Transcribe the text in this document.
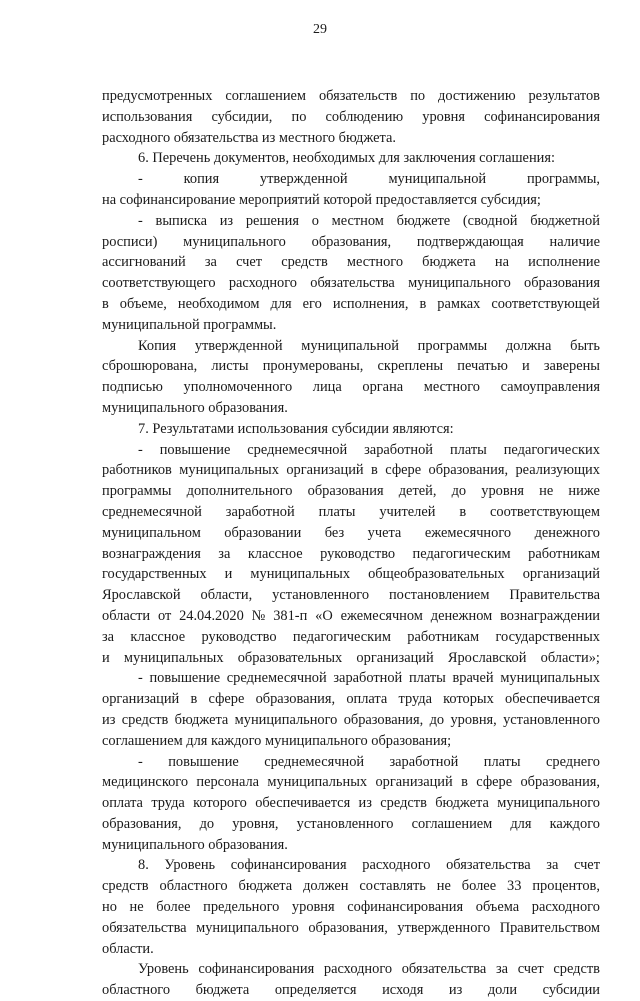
29
предусмотренных соглашением обязательств по достижению результатов
использования субсидии, по соблюдению уровня софинансирования
расходного обязательства из местного бюджета.
6. Перечень документов, необходимых для заключения соглашения:
-	копия	утвержденной	муниципальной	программы,
на софинансирование мероприятий которой предоставляется субсидия;
- выписка из решения о местном бюджете (сводной бюджетной
росписи) муниципального образования, подтверждающая наличие
ассигнований за счет средств местного бюджета на исполнение
соответствующего расходного обязательства муниципального образования
в объеме, необходимом для его исполнения, в рамках соответствующей
муниципальной программы.
Копия утвержденной муниципальной программы должна быть
сброшюрована, листы пронумерованы, скреплены печатью и заверены
подписью уполномоченного лица органа местного самоуправления
муниципального образования.
7. Результатами использования субсидии являются:
- повышение среднемесячной заработной платы педагогических
работников муниципальных организаций в сфере образования, реализующих
программы дополнительного образования детей, до уровня не ниже
среднемесячной заработной платы учителей в соответствующем
муниципальном образовании без учета ежемесячного денежного
вознаграждения за классное руководство педагогическим работникам
государственных и муниципальных общеобразовательных организаций
Ярославской области, установленного постановлением Правительства
области от 24.04.2020 № 381-п «О ежемесячном денежном вознаграждении
за классное руководство педагогическим работникам государственных
и муниципальных образовательных организаций Ярославской области»;
- повышение среднемесячной заработной платы врачей муниципальных
организаций в сфере образования, оплата труда которых обеспечивается
из средств бюджета муниципального образования, до уровня, установленного
соглашением для каждого муниципального образования;
- повышение среднемесячной заработной платы среднего
медицинского персонала муниципальных организаций в сфере образования,
оплата труда которого обеспечивается из средств бюджета муниципального
образования, до уровня, установленного соглашением для каждого
муниципального образования.
8. Уровень софинансирования расходного обязательства за счет
средств областного бюджета должен составлять не более 33 процентов,
но не более предельного уровня софинансирования объема расходного
обязательства муниципального образования, утвержденного Правительством
области.
Уровень софинансирования расходного обязательства за счет средств
областного бюджета определяется исходя из доли субсидии
